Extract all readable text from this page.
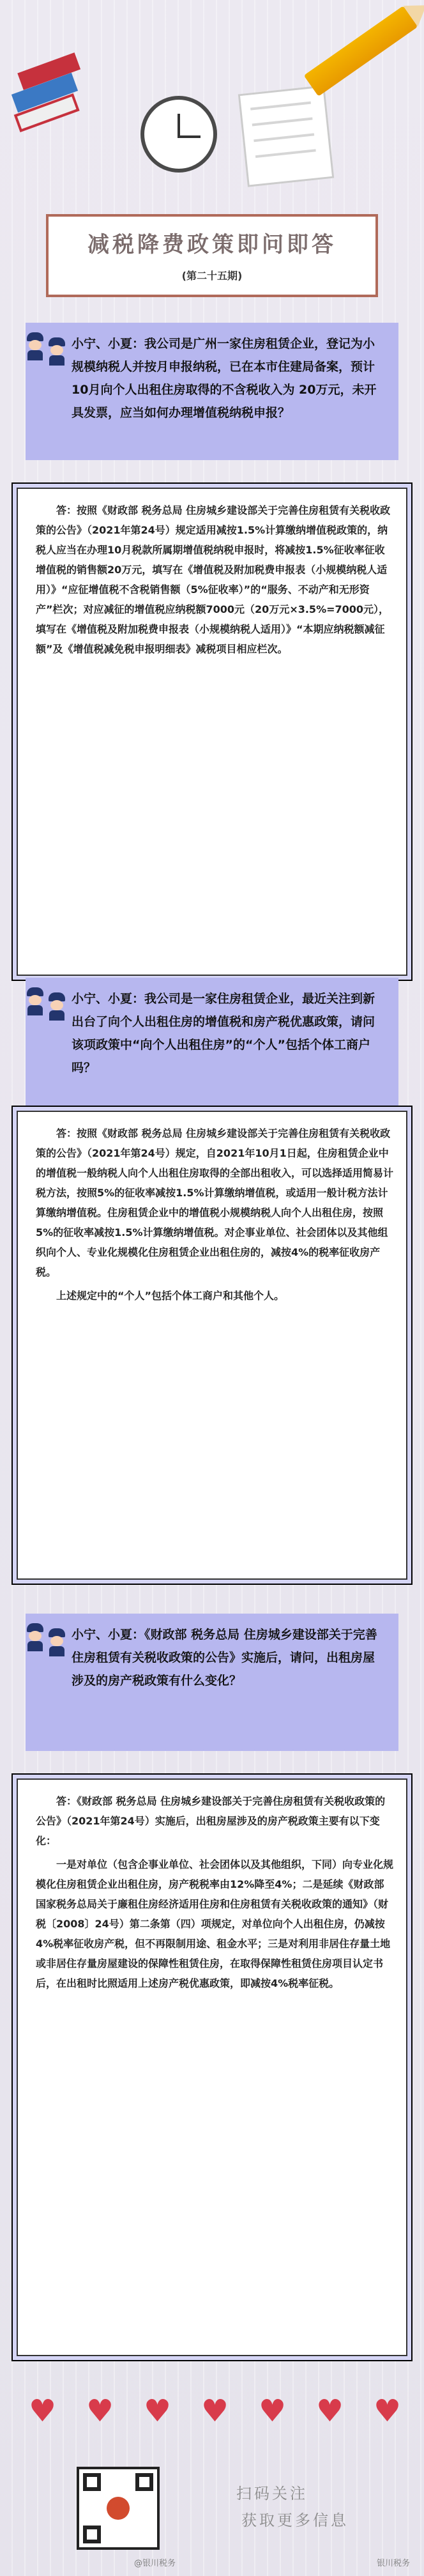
减税降费政策即问即答
(第二十五期)
小宁、小夏：我公司是广州一家住房租赁企业，登记为小规模纳税人并按月申报纳税，已在本市住建局备案，预计10月向个人出租住房取得的不含税收入为 20万元，未开具发票，应当如何办理增值税纳税申报？

答：按照《财政部 税务总局 住房城乡建设部关于完善住房租赁有关税收政策的公告》（2021年第24号）规定适用减按1.5%计算缴纳增值税政策的，纳税人应当在办理10月税款所属期增值税纳税申报时，将减按1.5%征收率征收增值税的销售额20万元，填写在《增值税及附加税费申报表（小规模纳税人适用）》“应征增值税不含税销售额（5%征收率）”的“服务、不动产和无形资产”栏次；对应减征的增值税应纳税额7000元（20万元×3.5%=7000元），填写在《增值税及附加税费申报表（小规模纳税人适用）》“本期应纳税额减征额”及《增值税减免税申报明细表》减税项目相应栏次。

小宁、小夏：我公司是一家住房租赁企业，最近关注到新出台了向个人出租住房的增值税和房产税优惠政策，请问该项政策中“向个人出租住房”的“个人”包括个体工商户吗？

答：按照《财政部 税务总局 住房城乡建设部关于完善住房租赁有关税收政策的公告》（2021年第24号）规定，自2021年10月1日起，住房租赁企业中的增值税一般纳税人向个人出租住房取得的全部出租收入，可以选择适用简易计税方法，按照5%的征收率减按1.5%计算缴纳增值税，或适用一般计税方法计算缴纳增值税。住房租赁企业中的增值税小规模纳税人向个人出租住房，按照5%的征收率减按1.5%计算缴纳增值税。对企事业单位、社会团体以及其他组织向个人、专业化规模化住房租赁企业出租住房的，减按4%的税率征收房产税。

上述规定中的“个人”包括个体工商户和其他个人。

小宁、小夏：《财政部 税务总局 住房城乡建设部关于完善住房租赁有关税收政策的公告》实施后，请问，出租房屋涉及的房产税政策有什么变化？

答：《财政部 税务总局 住房城乡建设部关于完善住房租赁有关税收政策的公告》（2021年第24号）实施后，出租房屋涉及的房产税政策主要有以下变化：

一是对单位（包含企事业单位、社会团体以及其他组织，下同）向专业化规模化住房租赁企业出租住房，房产税税率由12%降至4%；二是延续《财政部 国家税务总局关于廉租住房经济适用住房和住房租赁有关税收政策的通知》（财税〔2008〕24号）第二条第（四）项规定，对单位向个人出租住房，仍减按4%税率征收房产税，但不再限制用途、租金水平；三是对利用非居住存量土地或非居住存量房屋建设的保障性租赁住房，在取得保障性租赁住房项目认定书后，在出租时比照适用上述房产税优惠政策，即减按4%税率征税。

♥ ♥ ♥ ♥ ♥ ♥ ♥
扫码关注
获取更多信息
@银川税务	银川税务
